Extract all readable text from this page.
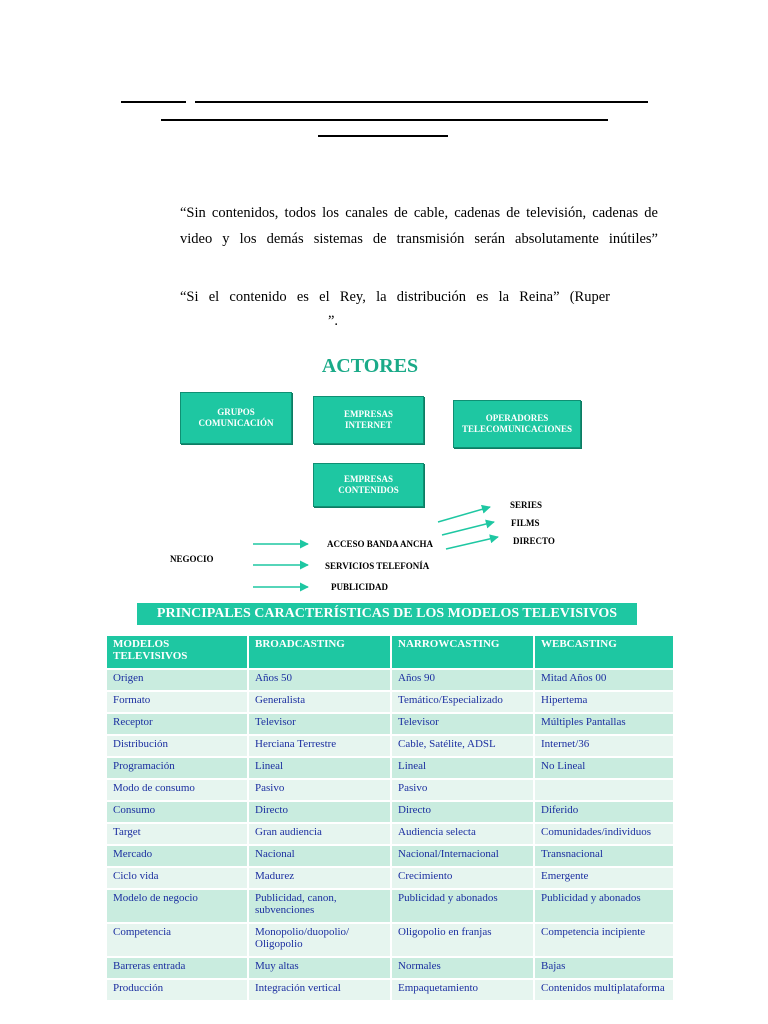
“Sin contenidos, todos los canales de cable, cadenas de televisión, cadenas de

video y los demás sistemas de transmisión serán absolutamente inútiles”

“Si el contenido es el Rey, la distribución es la Reina” (Ruper

”.

ACTORES
GRUPOS
COMUNICACIÓN
EMPRESAS
INTERNET
OPERADORES
TELECOMUNICACIONES
EMPRESAS
CONTENIDOS
SERIES
FILMS
DIRECTO
NEGOCIO
ACCESO BANDA ANCHA
SERVICIOS TELEFONÍA
PUBLICIDAD
PRINCIPALES CARACTERÍSTICAS DE LOS MODELOS TELEVISIVOS
MODELOS
TELEVISIVOS	BROADCASTING	NARROWCASTING	WEBCASTING
Origen	Años 50	Años 90	Mitad Años 00
Formato	Generalista	Temático/Especializado	Hipertema
Receptor	Televisor	Televisor	Múltiples Pantallas
Distribución	Herciana Terrestre	Cable, Satélite, ADSL	Internet/36
Programación	Lineal	Lineal	No Lineal
Modo de consumo	Pasivo	Pasivo	
Consumo	Directo	Directo	Diferido
Target	Gran audiencia	Audiencia selecta	Comunidades/individuos
Mercado	Nacional	Nacional/Internacional	Transnacional
Ciclo vida	Madurez	Crecimiento	Emergente
Modelo de negocio	Publicidad, canon, subvenciones	Publicidad y abonados	Publicidad y abonados
Competencia	Monopolio/duopolio/ Oligopolio	Oligopolio en franjas	Competencia incipiente
Barreras entrada	Muy altas	Normales	Bajas
Producción	Integración vertical	Empaquetamiento	Contenidos multiplataforma
